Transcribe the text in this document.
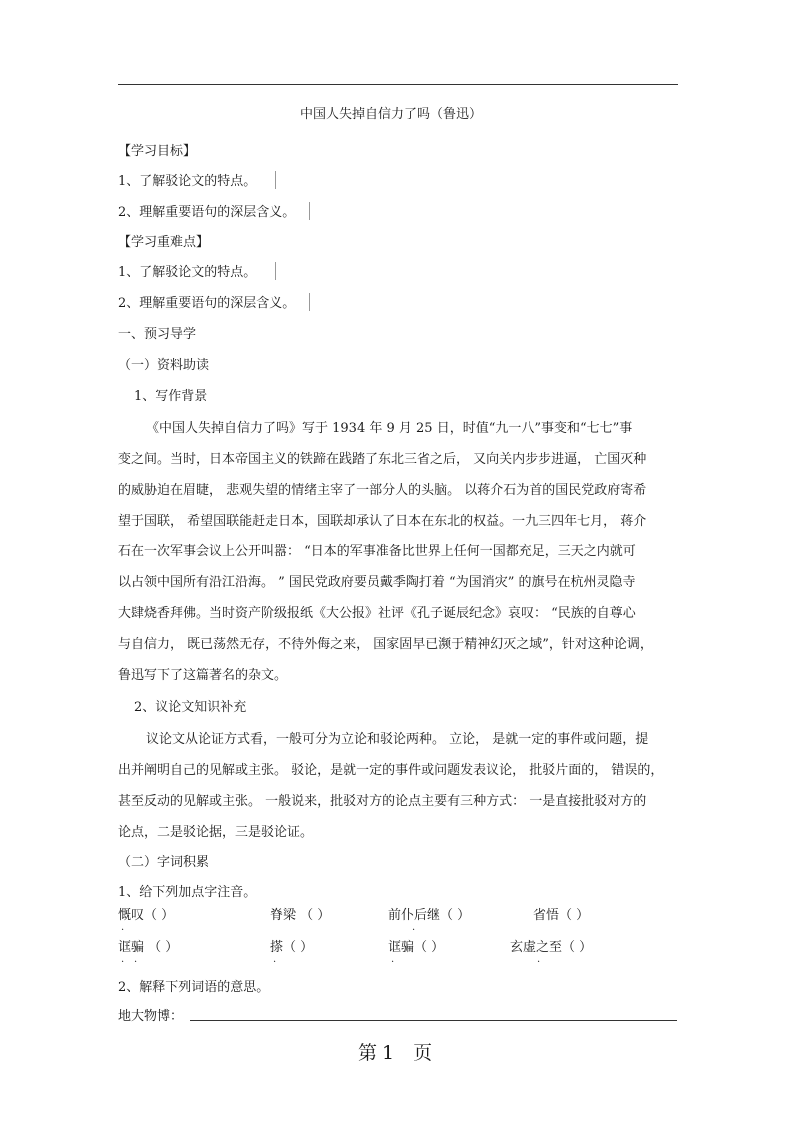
中国人失掉自信力了吗（鲁迅）
【学习目标】
1、了解驳论文的特点。
2、理解重要语句的深层含义。
【学习重难点】
1、了解驳论文的特点。
2、理解重要语句的深层含义。
一、预习导学
（一）资料助读
1、写作背景
《中国人失掉自信力了吗》写于 1934 年 9 月 25 日，时值“九一八”事变和“七七”事
变之间。当时，日本帝国主义的铁蹄在践踏了东北三省之后， 又向关内步步进逼， 亡国灭种
的威胁迫在眉睫， 悲观失望的情绪主宰了一部分人的头脑。 以蒋介石为首的国民党政府寄希
望于国联， 希望国联能赶走日本，国联却承认了日本在东北的权益。一九三四年七月， 蒋介
石在一次军事会议上公开叫嚣： “日本的军事准备比世界上任何一国都充足，三天之内就可
以占领中国所有沿江沿海。 ” 国民党政府要员戴季陶打着 “为国消灾” 的旗号在杭州灵隐寺
大肆烧香拜佛。当时资产阶级报纸《大公报》社评《孔子诞辰纪念》哀叹： “民族的自尊心
与自信力， 既已荡然无存，不待外侮之来， 国家固早已濒于精神幻灭之域”，针对这种论调，
鲁迅写下了这篇著名的杂文。
2、议论文知识补充
议论文从论证方式看，一般可分为立论和驳论两种。 立论， 是就一定的事件或问题，提
出并阐明自己的见解或主张。 驳论，是就一定的事件或问题发表议论， 批驳片面的， 错误的，
甚至反动的见解或主张。 一般说来，批驳对方的论点主要有三种方式： 一是直接批驳对方的
论点，二是驳论据，三是驳论证。
（二）字词积累
1、给下列加点字注音。
慨叹（ ）	脊梁 （ ）	前仆后继（ ）	省悟（ ）
·	·
诓骗 （ ）	搽（ ）	诓骗（ ）	玄虚之至（ ）
· ·	·	·	·
2、解释下列词语的意思。
地大物博：
第 1 页
